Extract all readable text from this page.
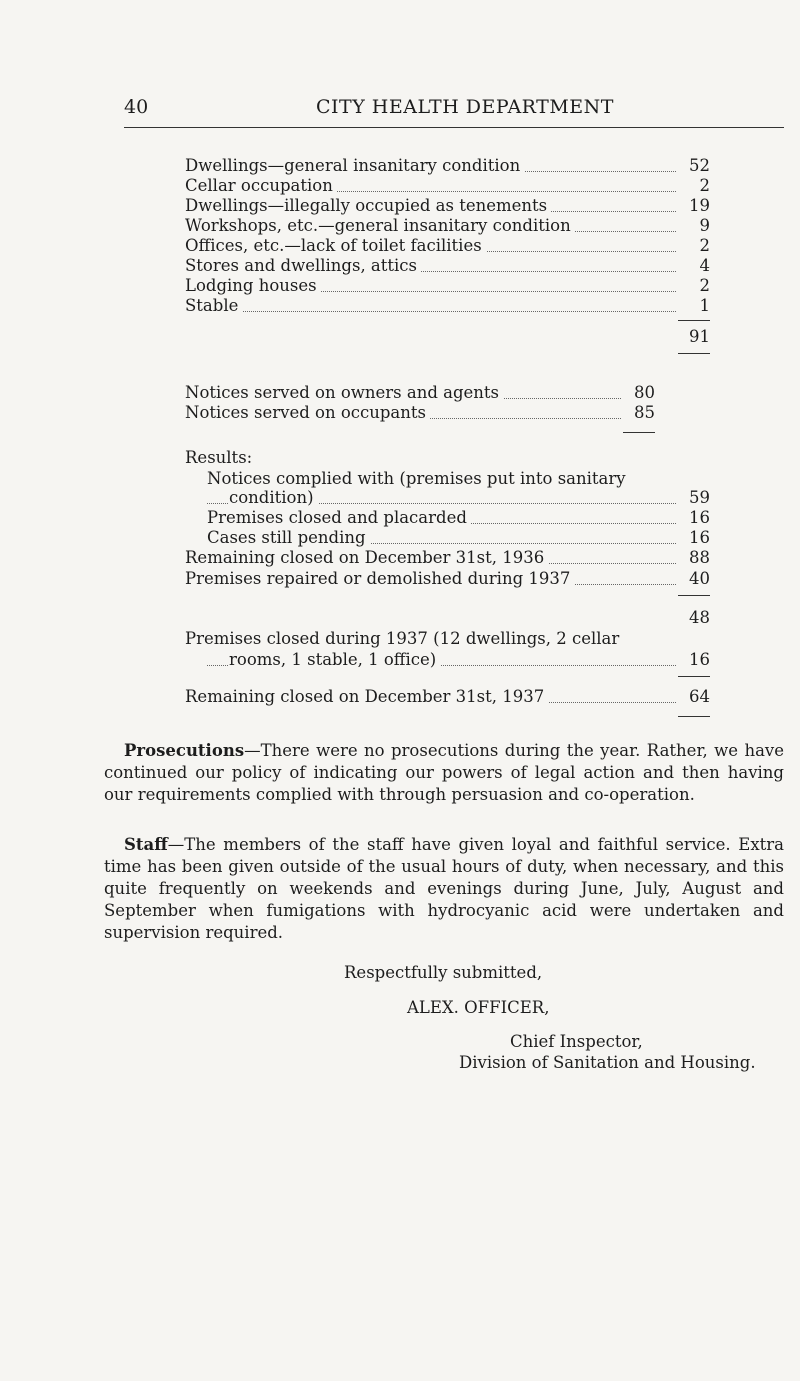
40	CITY HEALTH DEPARTMENT
Dwellings—general insanitary condition	52
Cellar occupation	2
Dwellings—illegally occupied as tenements	19
Workshops, etc.—general insanitary condition	9
Offices, etc.—lack of toilet facilities	2
Stores and dwellings, attics	4
Lodging houses	2
Stable	1
91
Notices served on owners and agents	80
Notices served on occupants	85
Results:
Notices complied with (premises put into sanitary
condition)	59
Premises closed and placarded	16
Cases still pending	16
Remaining closed on December 31st, 1936	88
Premises repaired or demolished during 1937	40
48
Premises closed during 1937 (12 dwellings, 2 cellar
rooms, 1 stable, 1 office)	16
Remaining closed on December 31st, 1937	64
Prosecutions—There were no prosecutions during the year. Rather, we have continued our policy of indicating our powers of legal action and then having our requirements complied with through persuasion and co-operation.
Staff—The members of the staff have given loyal and faithful service. Extra time has been given outside of the usual hours of duty, when necessary, and this quite frequently on weekends and evenings during June, July, August and September when fumigations with hydrocyanic acid were undertaken and supervision required.
Respectfully submitted,
ALEX. OFFICER,
Chief Inspector,
Division of Sanitation and Housing.
